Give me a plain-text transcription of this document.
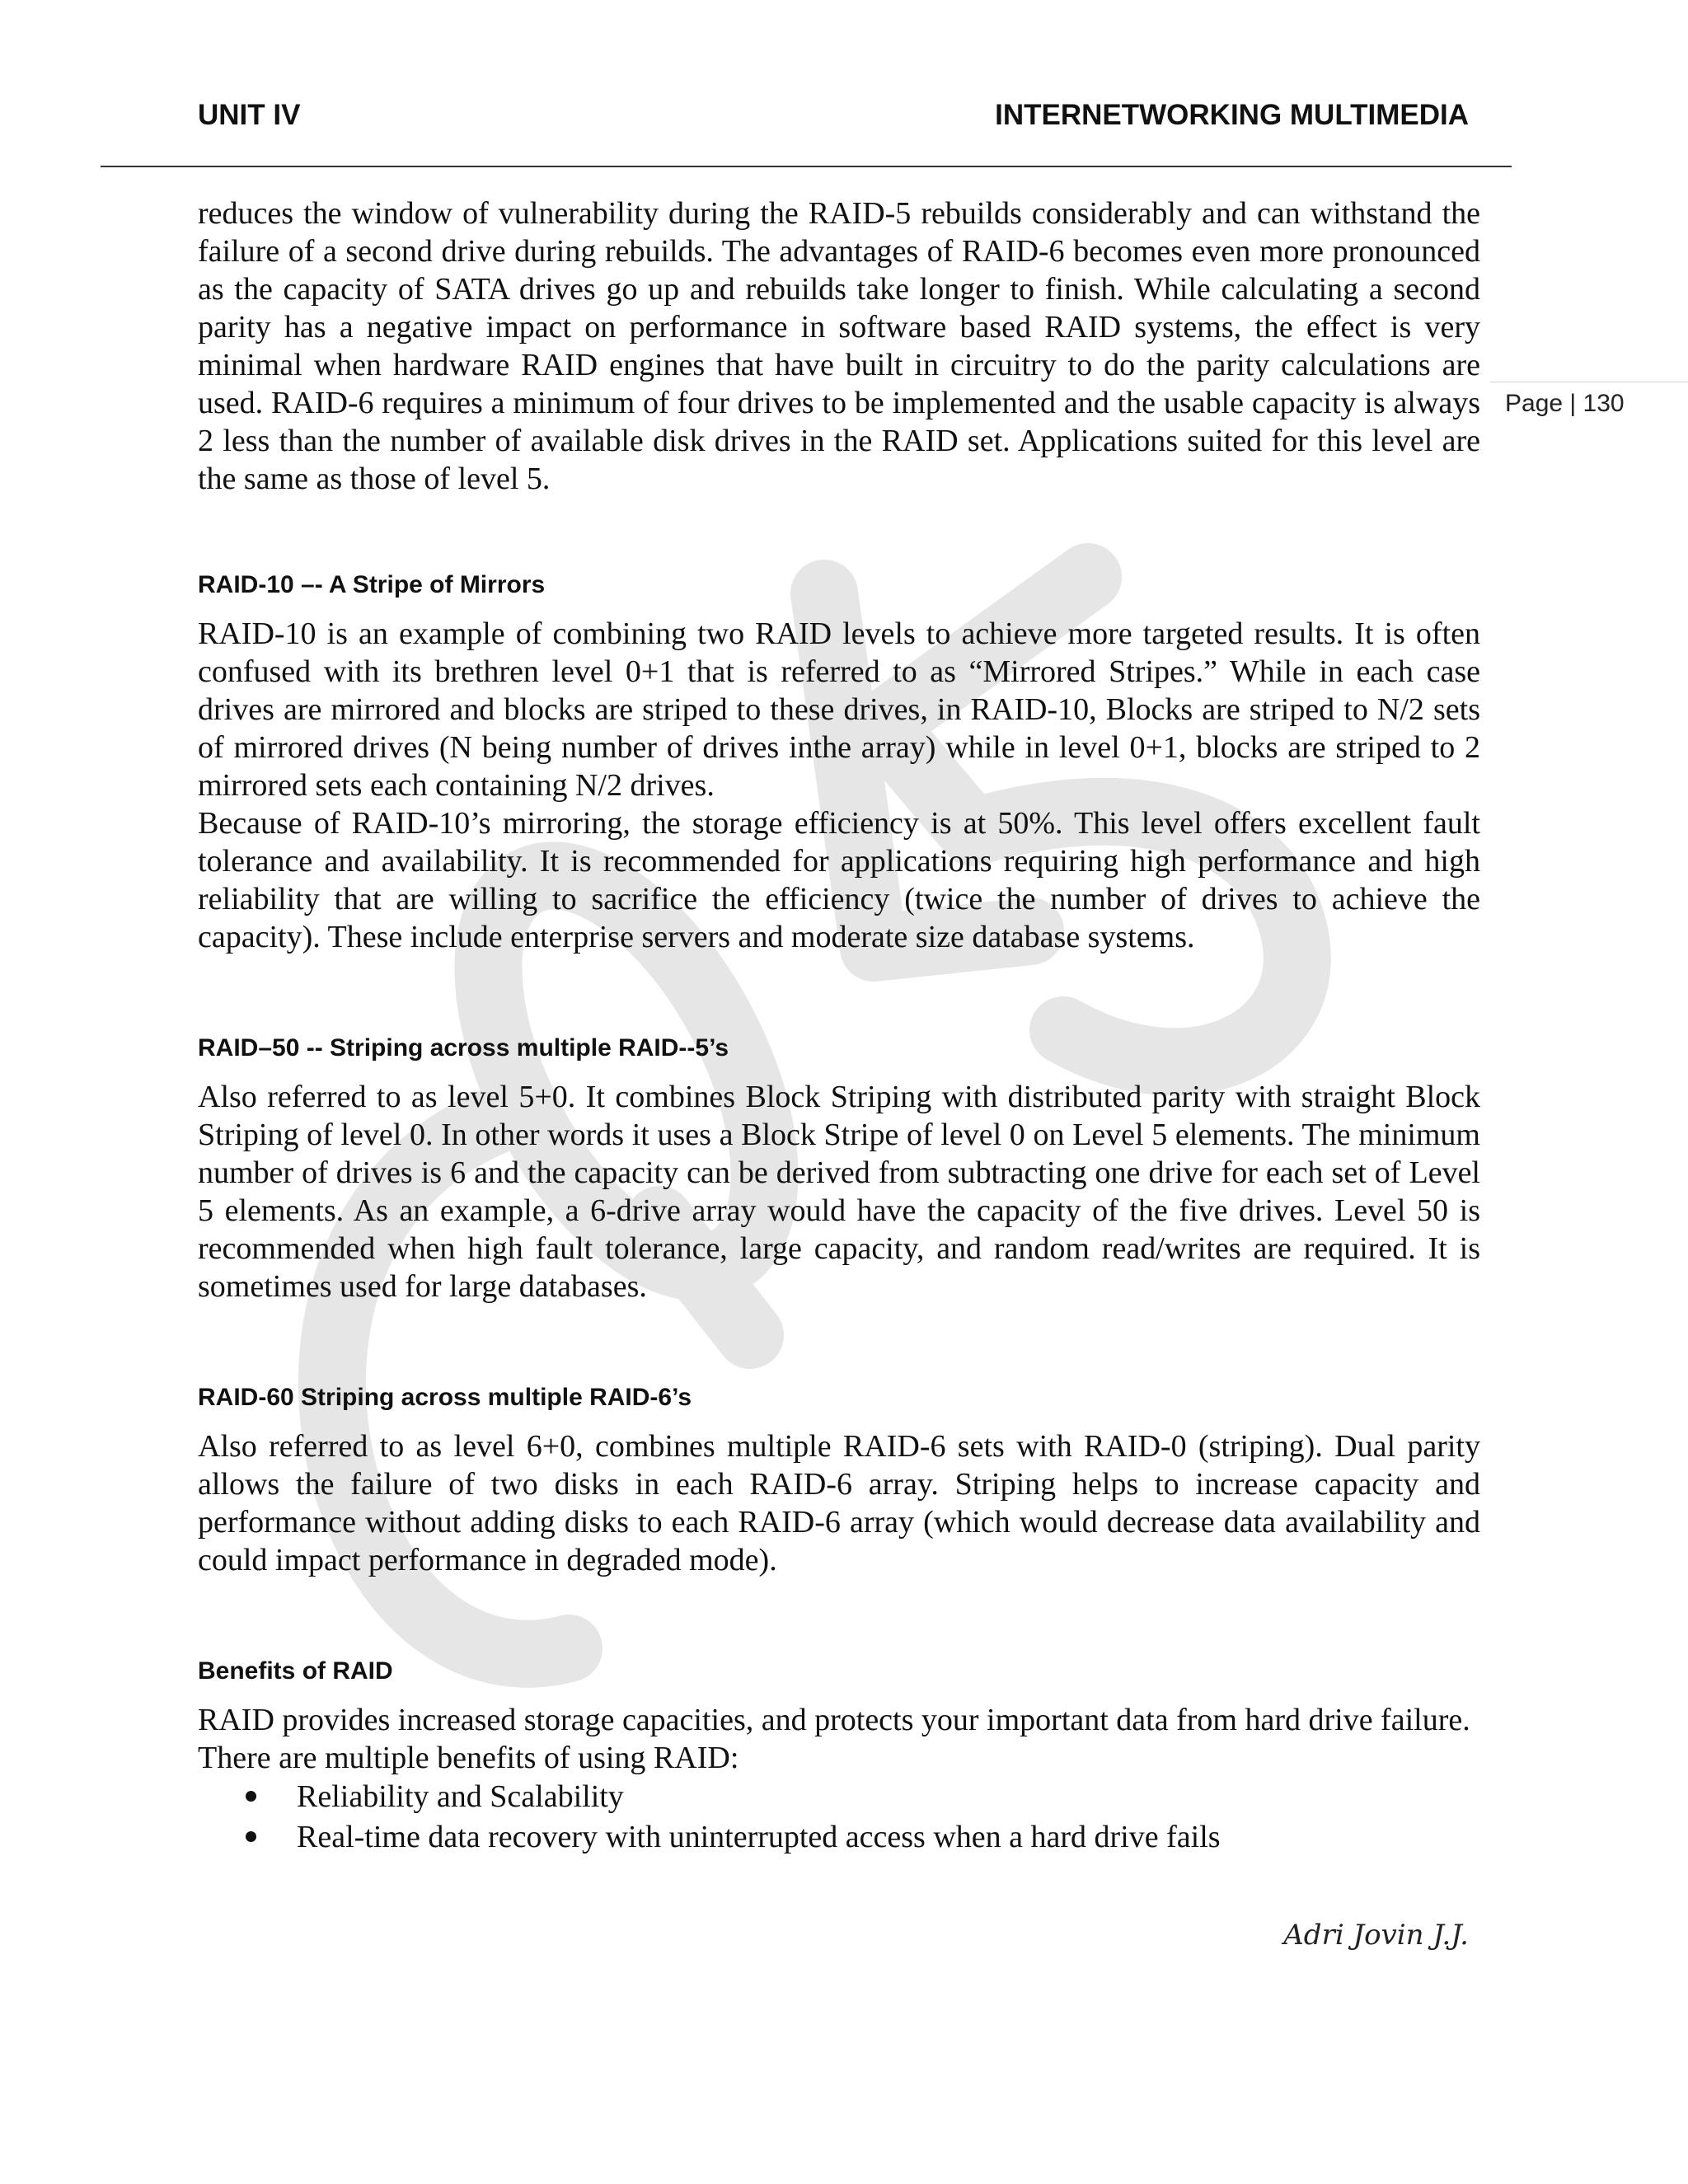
UNIT IV	INTERNETWORKING MULTIMEDIA
Page | 130

reduces the window of vulnerability during the RAID-5 rebuilds considerably and can withstand the failure of a second drive during rebuilds. The advantages of RAID-6 becomes even more pronounced as the capacity of SATA drives go up and rebuilds take longer to finish. While calculating a second parity has a negative impact on performance in software based RAID systems, the effect is very minimal when hardware RAID engines that have built in circuitry to do the parity calculations are used. RAID-6 requires a minimum of four drives to be implemented and the usable capacity is always 2 less than the number of available disk drives in the RAID set. Applications suited for this level are the same as those of level 5.

RAID-10 –- A Stripe of Mirrors

RAID-10 is an example of combining two RAID levels to achieve more targeted results. It is often confused with its brethren level 0+1 that is referred to as “Mirrored Stripes.” While in each case drives are mirrored and blocks are striped to these drives, in RAID-10, Blocks are striped to N/2 sets of mirrored drives (N being number of drives inthe array) while in level 0+1, blocks are striped to 2 mirrored sets each containing N/2 drives.

Because of RAID-10’s mirroring, the storage efficiency is at 50%. This level offers excellent fault tolerance and availability. It is recommended for applications requiring high performance and high reliability that are willing to sacrifice the efficiency (twice the number of drives to achieve the capacity). These include enterprise servers and moderate size database systems.

RAID–50 -- Striping across multiple RAID--5’s

Also referred to as level 5+0. It combines Block Striping with distributed parity with straight Block Striping of level 0. In other words it uses a Block Stripe of level 0 on Level 5 elements. The minimum number of drives is 6 and the capacity can be derived from subtracting one drive for each set of Level 5 elements. As an example, a 6-drive array would have the capacity of the five drives. Level 50 is recommended when high fault tolerance, large capacity, and random read/writes are required. It is sometimes used for large databases.

RAID-60 Striping across multiple RAID-6’s

Also referred to as level 6+0, combines multiple RAID-6 sets with RAID-0 (striping). Dual parity allows the failure of two disks in each RAID-6 array. Striping helps to increase capacity and performance without adding disks to each RAID-6 array (which would decrease data availability and could impact performance in degraded mode).

Benefits of RAID

RAID provides increased storage capacities, and protects your important data from hard drive failure.

There are multiple benefits of using RAID:

Reliability and Scalability
Real-time data recovery with uninterrupted access when a hard drive fails
Adri Jovin J.J.
